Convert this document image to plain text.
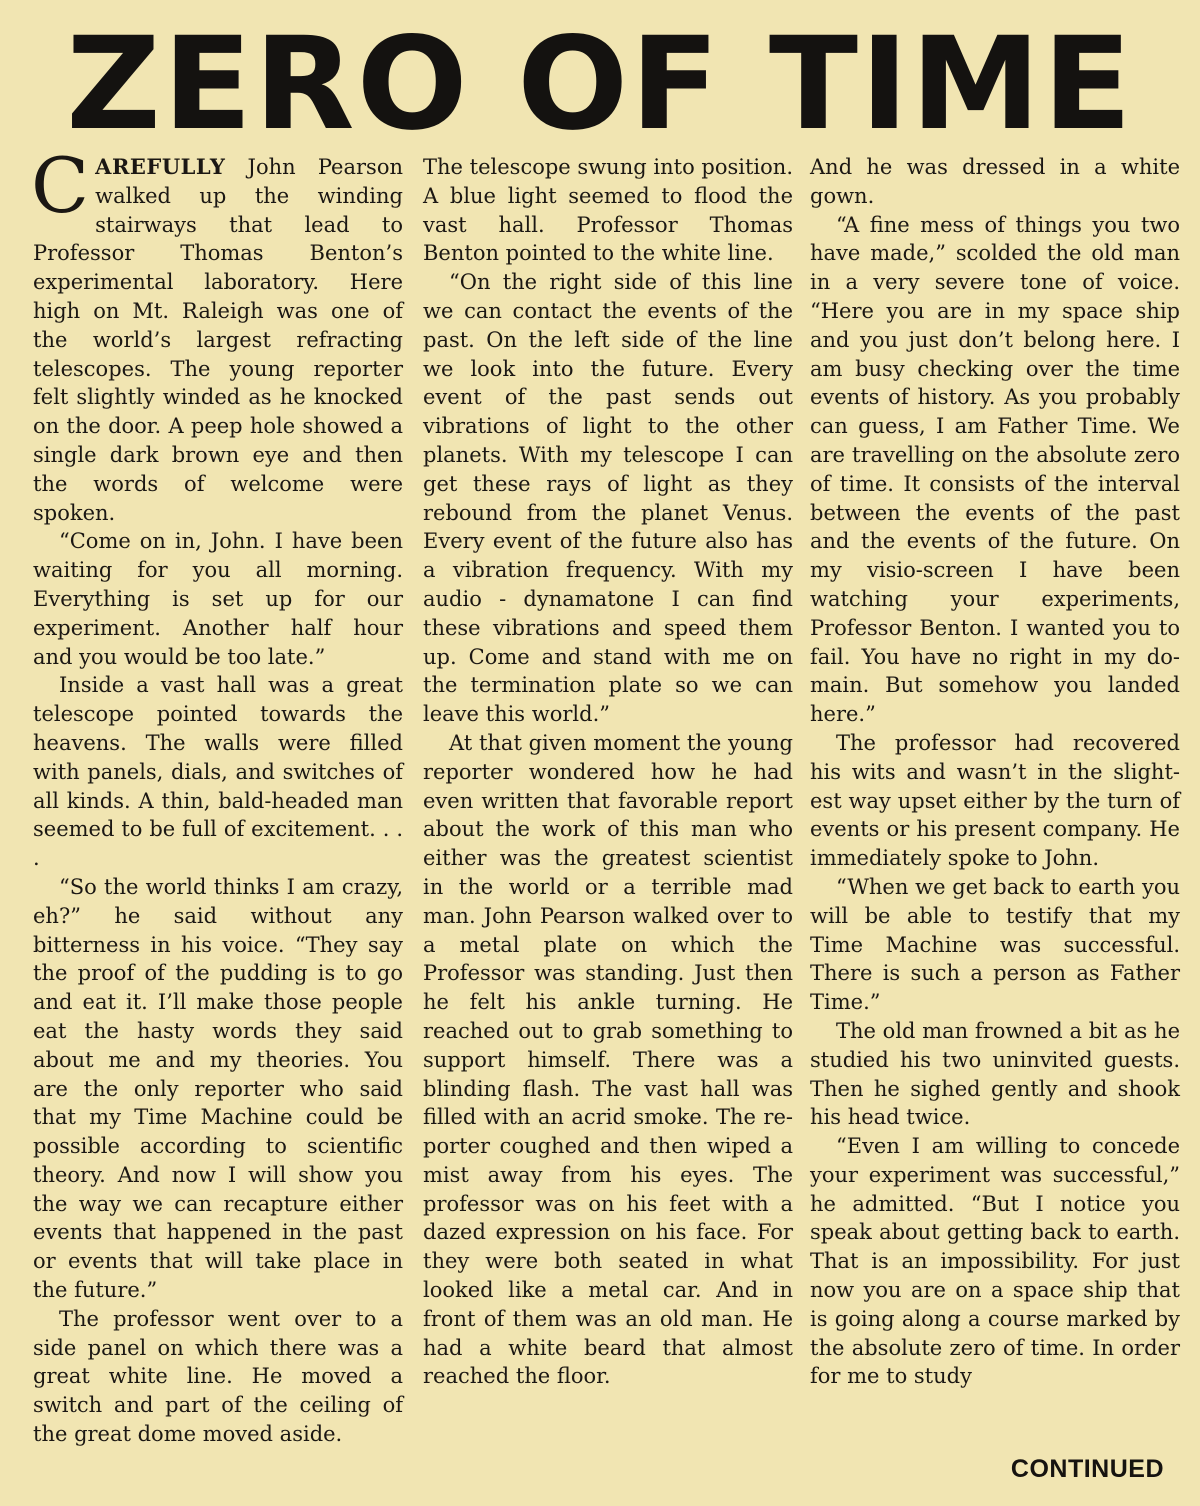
ZERO OF TIME

CAREFULLY John Pearson walked up the winding stairways that lead to Professor Thomas Benton’s experimental laboratory. Here high on Mt. Raleigh was one of the world’s largest refracting telescopes. The young reporter felt slightly winded as he knocked on the door. A peep hole showed a single dark brown eye and then the words of welcome were spoken.

“Come on in, John. I have been waiting for you all morning. Everything is set up for our experiment. Another half hour and you would be too late.”

Inside a vast hall was a great telescope pointed towards the heavens. The walls were filled with panels, dials, and switches of all kinds. A thin, bald-headed man seemed to be full of excitement. . . .

“So the world thinks I am crazy, eh?” he said without any bitterness in his voice. “They say the proof of the pudding is to go and eat it. I’ll make those people eat the hasty words they said about me and my theories. You are the only reporter who said that my Time Machine could be possible according to scientific theory. And now I will show you the way we can recapture either events that happened in the past or events that will take place in the future.”

The professor went over to a side panel on which there was a great white line. He moved a switch and part of the ceiling of the great dome moved aside.

The telescope swung into position. A blue light seemed to flood the vast hall. Professor Thomas Benton pointed to the white line.

“On the right side of this line we can contact the events of the past. On the left side of the line we look into the future. Every event of the past sends out vibrations of light to the other planets. With my telescope I can get these rays of light as they rebound from the planet Venus. Every event of the future also has a vibration frequency. With my audio - dynamatone I can find these vibrations and speed them up. Come and stand with me on the termination plate so we can leave this world.”

At that given moment the young reporter wondered how he had even written that favorable report about the work of this man who either was the greatest scientist in the world or a terrible mad man. John Pearson walked over to a metal plate on which the Professor was standing. Just then he felt his ankle turning. He reached out to grab something to support himself. There was a blinding flash. The vast hall was filled with an acrid smoke. The reporter coughed and then wiped a mist away from his eyes. The professor was on his feet with a dazed expression on his face. For they were both seated in what looked like a metal car. And in front of them was an old man. He had a white beard that almost reached the floor.

And he was dressed in a white gown.

“A fine mess of things you two have made,” scolded the old man in a very severe tone of voice. “Here you are in my space ship and you just don’t belong here. I am busy checking over the time events of history. As you probably can guess, I am Father Time. We are travelling on the absolute zero of time. It consists of the interval between the events of the past and the events of the future. On my visio-screen I have been watching your experiments, Professor Benton. I wanted you to fail. You have no right in my domain. But somehow you landed here.”

The professor had recovered his wits and wasn’t in the slightest way upset either by the turn of events or his present company. He immediately spoke to John.

“When we get back to earth you will be able to testify that my Time Machine was successful. There is such a person as Father Time.”

The old man frowned a bit as he studied his two uninvited guests. Then he sighed gently and shook his head twice.

“Even I am willing to concede your experiment was successful,” he admitted. “But I notice you speak about getting back to earth. That is an impossibility. For just now you are on a space ship that is going along a course marked by the absolute zero of time. In order for me to study

CONTINUED
